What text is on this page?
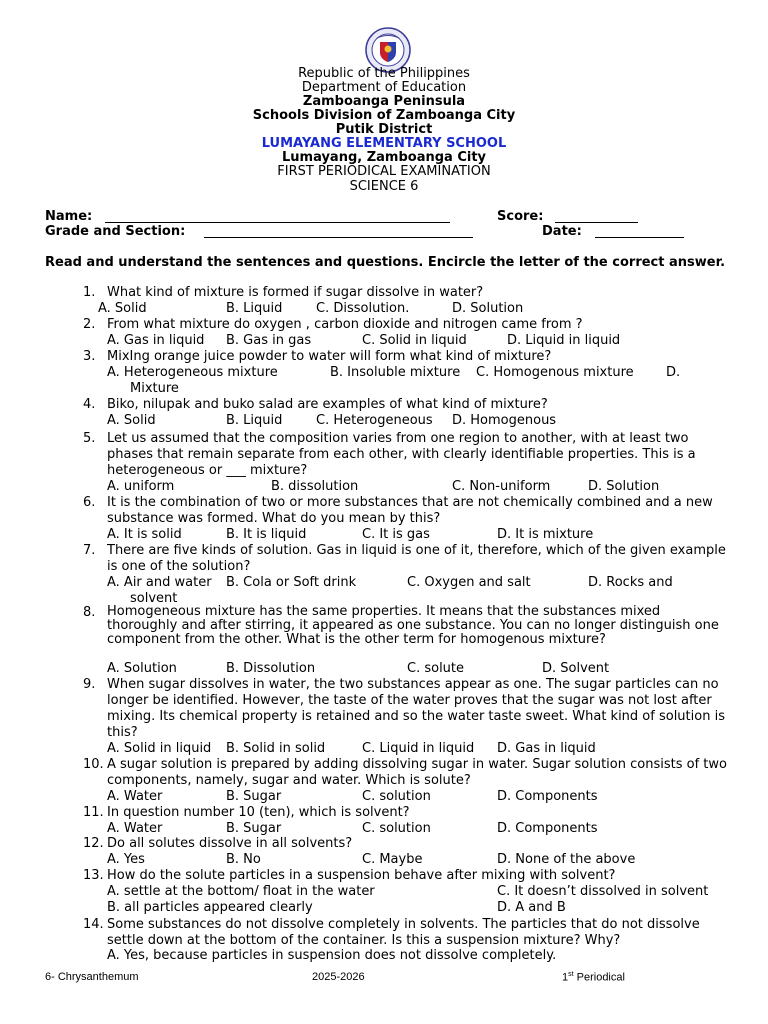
Republic of the Philippines
Department of Education
Zamboanga Peninsula
Schools Division of Zamboanga City
Putik District
LUMAYANG ELEMENTARY SCHOOL
Lumayang, Zamboanga City
FIRST PERIODICAL EXAMINATION
SCIENCE 6
Name:	Score:
Grade and Section:	Date:
Read and understand the sentences and questions. Encircle the letter of the correct answer.
1. What kind of mixture is formed if sugar dissolve in water?
A. Solid	B. Liquid	C. Dissolution.	D. Solution
2. From what mixture do oxygen , carbon dioxide and nitrogen came from ?
A. Gas in liquid B. Gas in gas	C. Solid in liquid	D. Liquid in liquid
3. MixIng orange juice powder to water will form what kind of mixture?
A. Heterogeneous mixture	B. Insoluble mixture C. Homogenous mixture D.
Mixture
4. Biko, nilupak and buko salad are examples of what kind of mixture?
A. Solid	B. Liquid	C. Heterogeneous D. Homogenous
5. Let us assumed that the composition varies from one region to another, with at least two phases that remain separate from each other, with clearly identifiable properties. This is a heterogeneous or ___ mixture?
A. uniform	B. dissolution	C. Non-uniform	D. Solution
6. It is the combination of two or more substances that are not chemically combined and a new substance was formed. What do you mean by this?
A. It is solid	B. It is liquid	C. It is gas	D. It is mixture
7. There are five kinds of solution. Gas in liquid is one of it, therefore, which of the given example is one of the solution?
A. Air and water B. Cola or Soft drink	C. Oxygen and salt	D. Rocks and
solvent
8. Homogeneous mixture has the same properties. It means that the substances mixed thoroughly and after stirring, it appeared as one substance. You can no longer distinguish one component from the other. What is the other term for homogenous mixture?
A. Solution	B. Dissolution	C. solute	D. Solvent
9. When sugar dissolves in water, the two substances appear as one. The sugar particles can no longer be identified. However, the taste of the water proves that the sugar was not lost after mixing. Its chemical property is retained and so the water taste sweet. What kind of solution is this?
A. Solid in liquid B. Solid in solid	C. Liquid in liquid D. Gas in liquid
10. A sugar solution is prepared by adding dissolving sugar in water. Sugar solution consists of two components, namely, sugar and water. Which is solute?
A. Water	B. Sugar	C. solution	D. Components
11. In question number 10 (ten), which is solvent?
A. Water	B. Sugar	C. solution	D. Components
12. Do all solutes dissolve in all solvents?
A. Yes	B. No	C. Maybe	D. None of the above
13. How do the solute particles in a suspension behave after mixing with solvent?
A. settle at the bottom/ float in the water	C. It doesn’t dissolved in solvent
B. all particles appeared clearly	D. A and B
14. Some substances do not dissolve completely in solvents. The particles that do not dissolve settle down at the bottom of the container. Is this a suspension mixture? Why?
A. Yes, because particles in suspension does not dissolve completely.
6- Chrysanthemum	2025-2026	1st Periodical
